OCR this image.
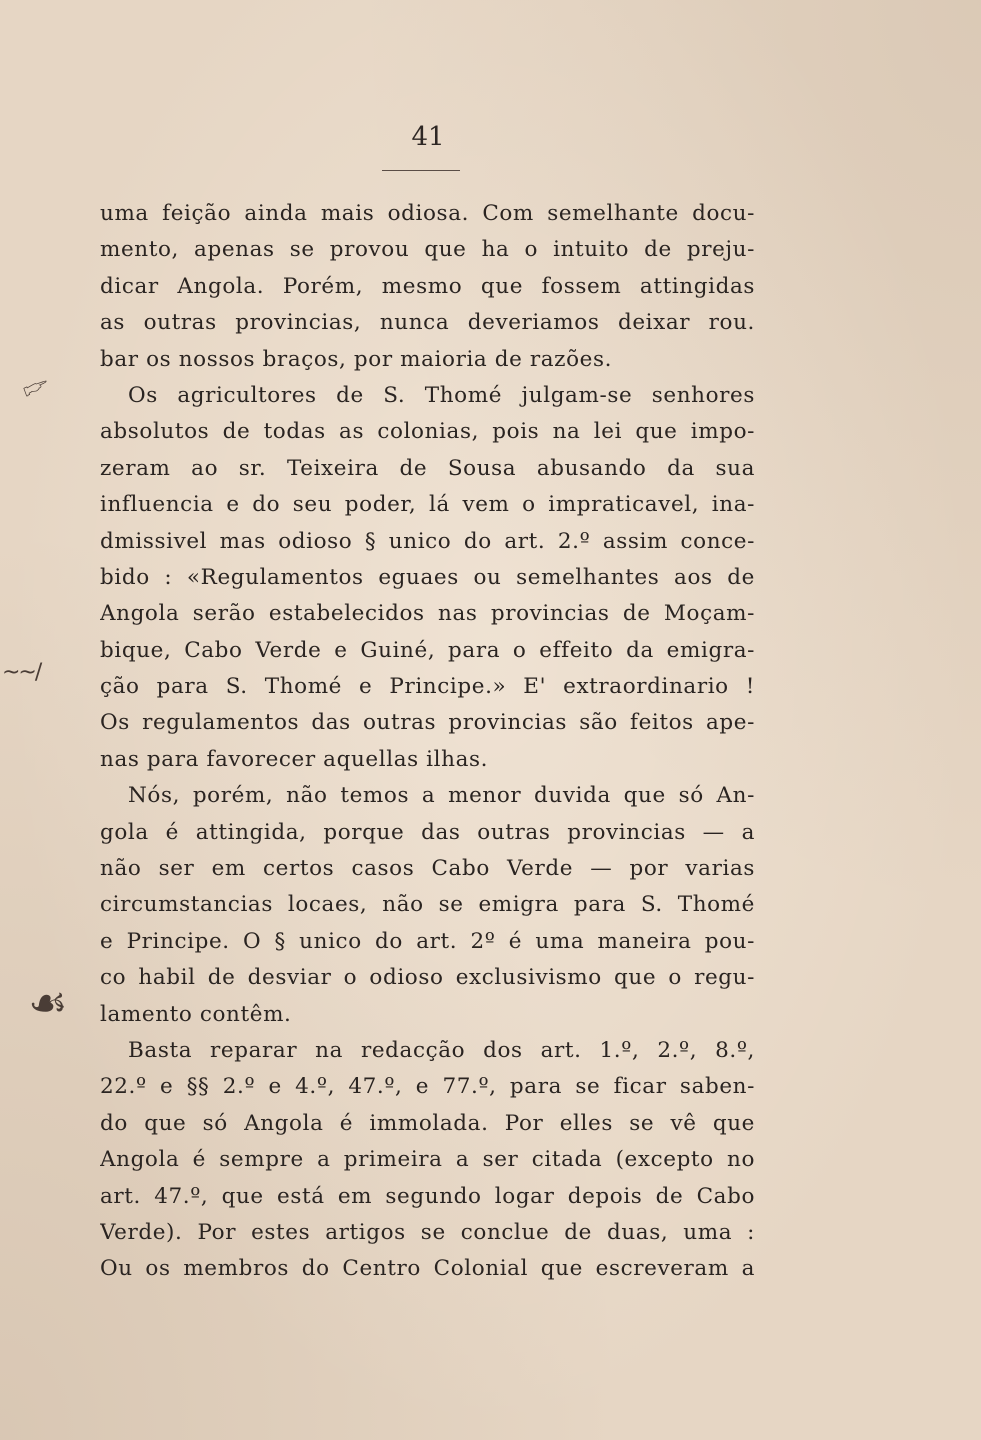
41
🖙
~~/
☙
uma feição ainda mais odiosa. Com semelhante docu-
mento, apenas se provou que ha o intuito de preju-
dicar Angola. Porém, mesmo que fossem attingidas
as outras provincias, nunca deveriamos deixar rou.
bar os nossos braços, por maioria de razões.
Os agricultores de S. Thomé julgam-se senhores
absolutos de todas as colonias, pois na lei que impo-
zeram ao sr. Teixeira de Sousa abusando da sua
influencia e do seu poder, lá vem o impraticavel, ina-
dmissivel mas odioso § unico do art. 2.º assim conce-
bido : «Regulamentos eguaes ou semelhantes aos de
Angola serão estabelecidos nas provincias de Moçam-
bique, Cabo Verde e Guiné, para o effeito da emigra-
ção para S. Thomé e Principe.» E' extraordinario !
Os regulamentos das outras provincias são feitos ape-
nas para favorecer aquellas ilhas.
Nós, porém, não temos a menor duvida que só An-
gola é attingida, porque das outras provincias — a
não ser em certos casos Cabo Verde — por varias
circumstancias locaes, não se emigra para S. Thomé
e Principe. O § unico do art. 2º é uma maneira pou-
co habil de desviar o odioso exclusivismo que o regu-
lamento contêm.
Basta reparar na redacção dos art. 1.º, 2.º, 8.º,
22.º e §§ 2.º e 4.º, 47.º, e 77.º, para se ficar saben-
do que só Angola é immolada. Por elles se vê que
Angola é sempre a primeira a ser citada (excepto no
art. 47.º, que está em segundo logar depois de Cabo
Verde). Por estes artigos se conclue de duas, uma :
Ou os membros do Centro Colonial que escreveram a
